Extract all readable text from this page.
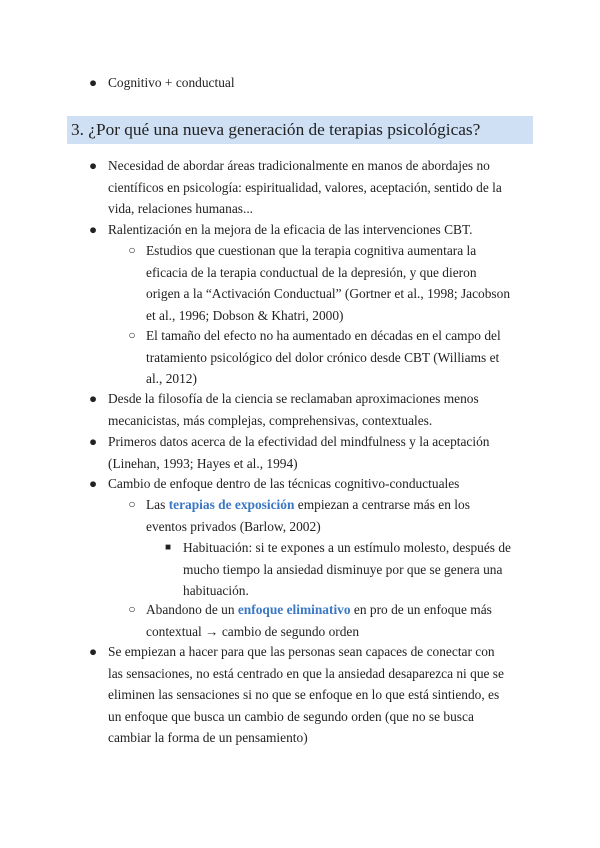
● Cognitivo + conductual
3. ¿Por qué una nueva generación de terapias psicológicas?
● Necesidad de abordar áreas tradicionalmente en manos de abordajes no científicos en psicología: espiritualidad, valores, aceptación, sentido de la vida, relaciones humanas...
● Ralentización en la mejora de la eficacia de las intervenciones CBT.
○ Estudios que cuestionan que la terapia cognitiva aumentara la eficacia de la terapia conductual de la depresión, y que dieron origen a la “Activación Conductual” (Gortner et al., 1998; Jacobson et al., 1996; Dobson & Khatri, 2000)
○ El tamaño del efecto no ha aumentado en décadas en el campo del tratamiento psicológico del dolor crónico desde CBT (Williams et al., 2012)
● Desde la filosofía de la ciencia se reclamaban aproximaciones menos mecanicistas, más complejas, comprehensivas, contextuales.
● Primeros datos acerca de la efectividad del mindfulness y la aceptación (Linehan, 1993; Hayes et al., 1994)
● Cambio de enfoque dentro de las técnicas cognitivo-conductuales
○ Las terapias de exposición empiezan a centrarse más en los eventos privados (Barlow, 2002)
■ Habituación: si te expones a un estímulo molesto, después de mucho tiempo la ansiedad disminuye por que se genera una habituación.
○ Abandono de un enfoque eliminativo en pro de un enfoque más contextual → cambio de segundo orden
● Se empiezan a hacer para que las personas sean capaces de conectar con las sensaciones, no está centrado en que la ansiedad desaparezca ni que se eliminen las sensaciones si no que se enfoque en lo que está sintiendo, es un enfoque que busca un cambio de segundo orden (que no se busca cambiar la forma de un pensamiento)
